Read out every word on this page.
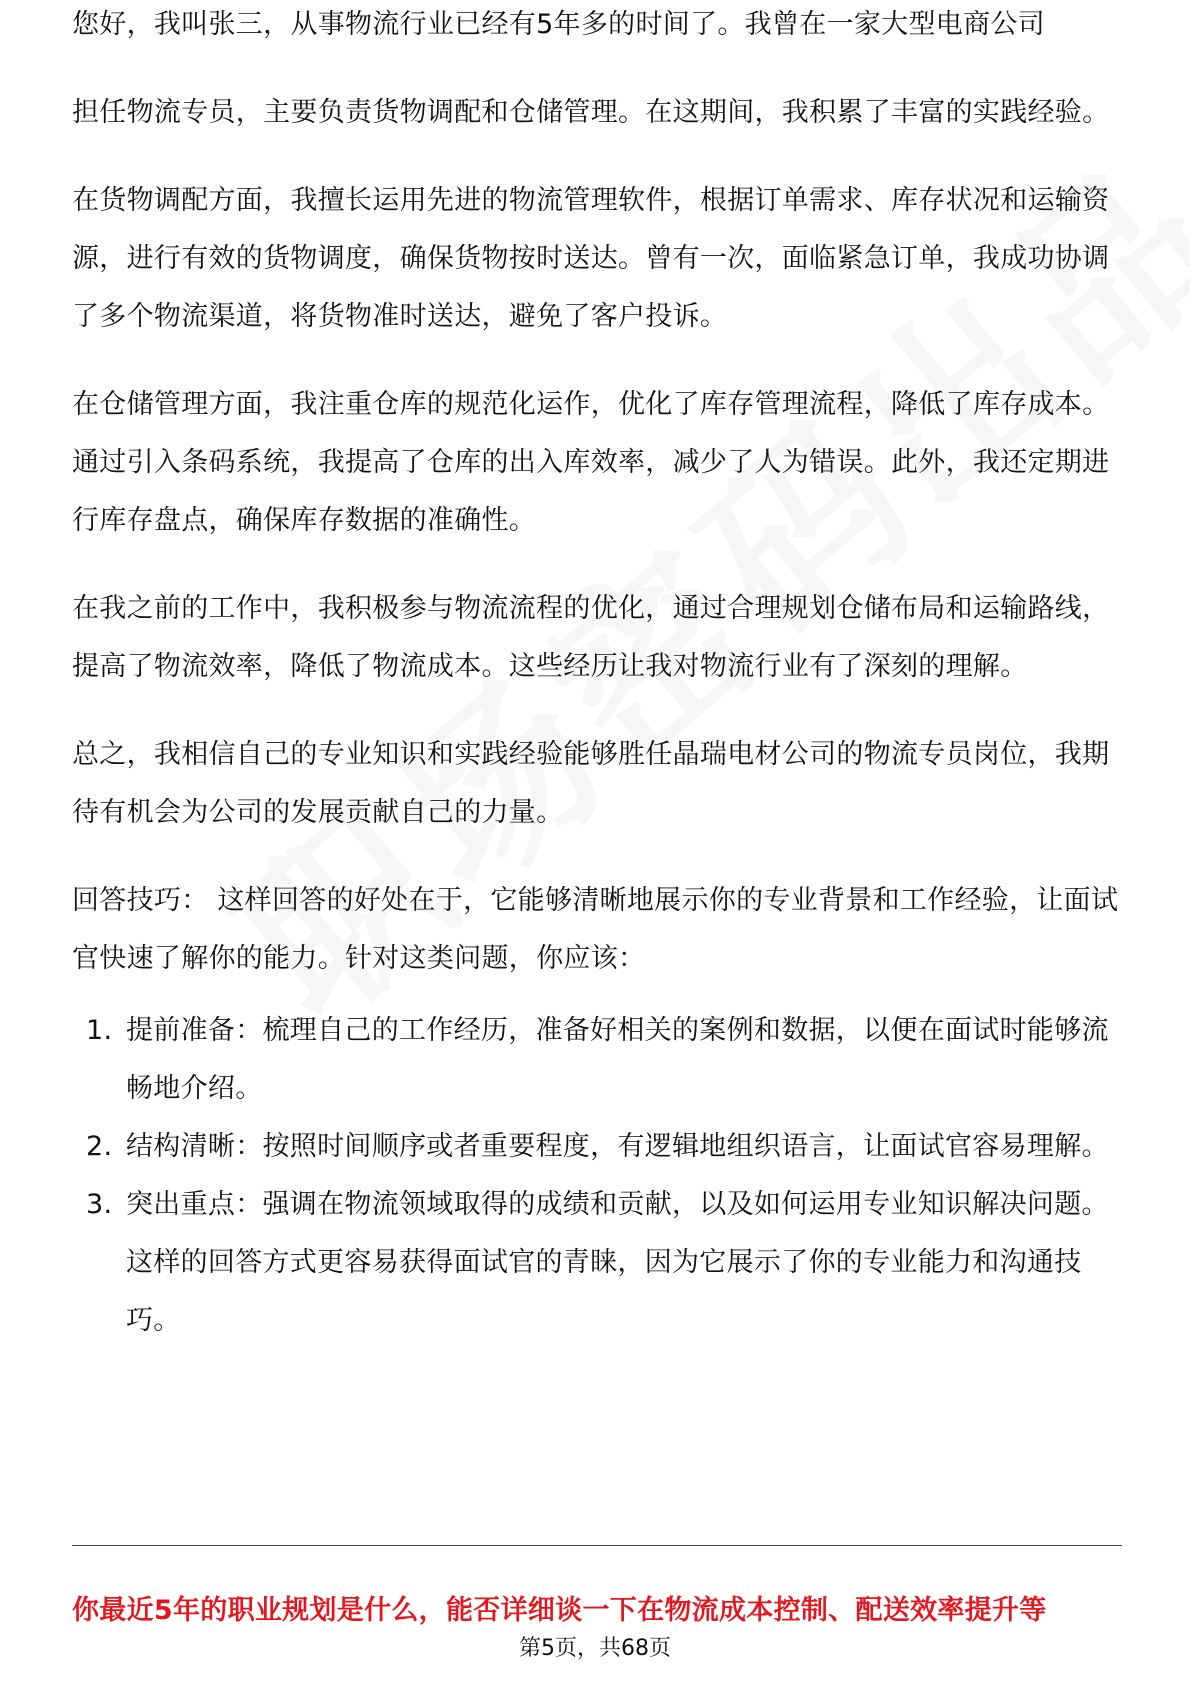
您好，我叫张三，从事物流行业已经有5年多的时间了。我曾在一家大型电商公司

担任物流专员，主要负责货物调配和仓储管理。在这期间，我积累了丰富的实践经验。

在货物调配方面，我擅长运用先进的物流管理软件，根据订单需求、库存状况和运输资源，进行有效的货物调度，确保货物按时送达。曾有一次，面临紧急订单，我成功协调了多个物流渠道，将货物准时送达，避免了客户投诉。

在仓储管理方面，我注重仓库的规范化运作，优化了库存管理流程，降低了库存成本。通过引入条码系统，我提高了仓库的出入库效率，减少了人为错误。此外，我还定期进行库存盘点，确保库存数据的准确性。

在我之前的工作中，我积极参与物流流程的优化，通过合理规划仓储布局和运输路线，提高了物流效率，降低了物流成本。这些经历让我对物流行业有了深刻的理解。

总之，我相信自己的专业知识和实践经验能够胜任晶瑞电材公司的物流专员岗位，我期待有机会为公司的发展贡献自己的力量。

回答技巧： 这样回答的好处在于，它能够清晰地展示你的专业背景和工作经验，让面试官快速了解你的能力。针对这类问题，你应该：

1. 提前准备：梳理自己的工作经历，准备好相关的案例和数据，以便在面试时能够流畅地介绍。
2. 结构清晰：按照时间顺序或者重要程度，有逻辑地组织语言，让面试官容易理解。
3. 突出重点：强调在物流领域取得的成绩和贡献，以及如何运用专业知识解决问题。 这样的回答方式更容易获得面试官的青睐，因为它展示了你的专业能力和沟通技巧。
你最近5年的职业规划是什么，能否详细谈一下在物流成本控制、配送效率提升等
第5页，共68页
